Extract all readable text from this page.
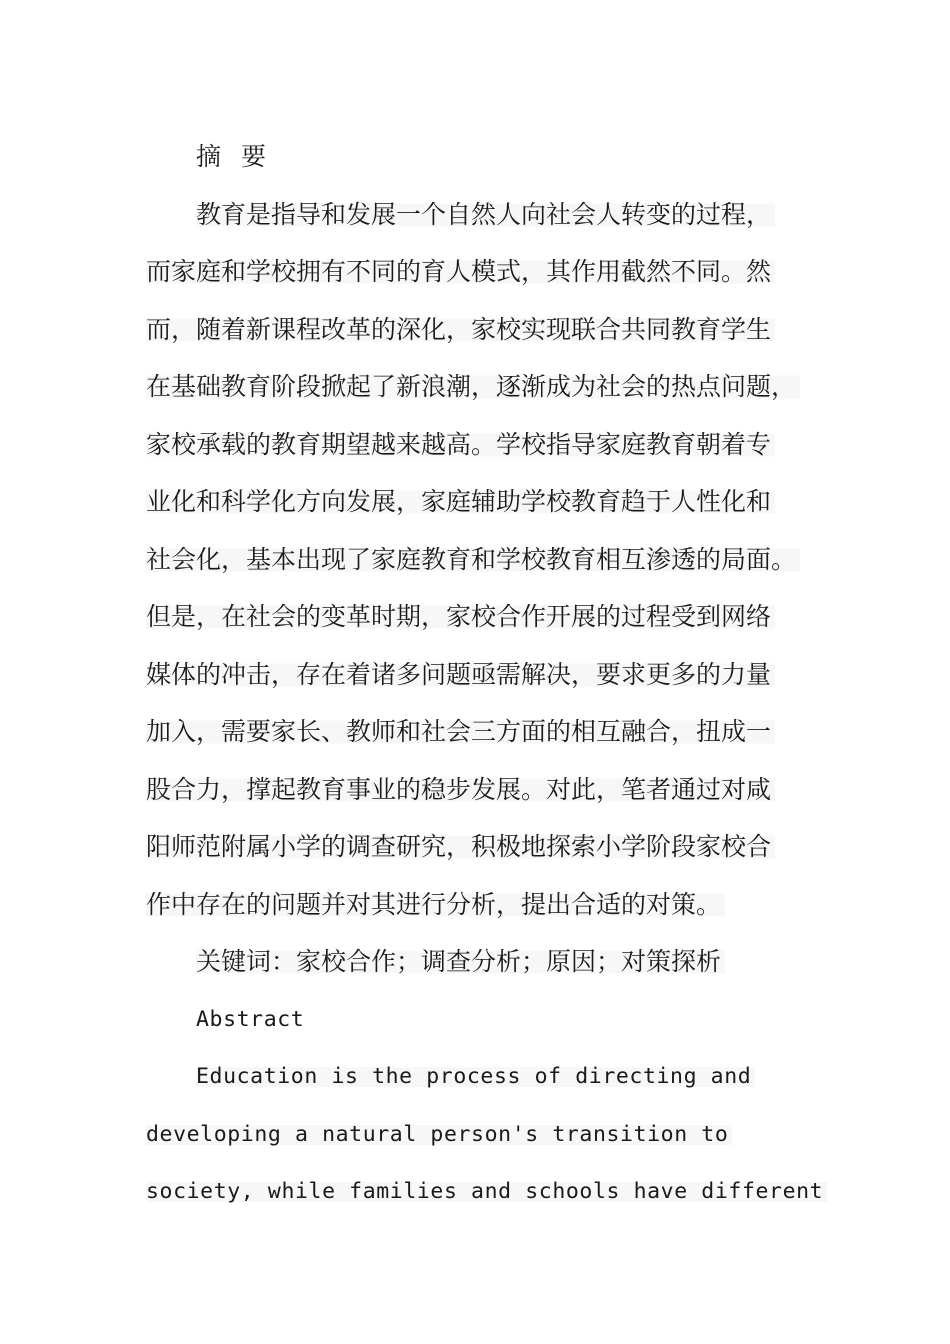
摘 要
教育是指导和发展一个自然人向社会人转变的过程，
而家庭和学校拥有不同的育人模式，其作用截然不同。然
而，随着新课程改革的深化，家校实现联合共同教育学生
在基础教育阶段掀起了新浪潮，逐渐成为社会的热点问题，
家校承载的教育期望越来越高。学校指导家庭教育朝着专
业化和科学化方向发展，家庭辅助学校教育趋于人性化和
社会化，基本出现了家庭教育和学校教育相互渗透的局面。
但是，在社会的变革时期，家校合作开展的过程受到网络
媒体的冲击，存在着诸多问题亟需解决，要求更多的力量
加入，需要家长、教师和社会三方面的相互融合，扭成一
股合力，撑起教育事业的稳步发展。对此，笔者通过对咸
阳师范附属小学的调查研究，积极地探索小学阶段家校合
作中存在的问题并对其进行分析，提出合适的对策。
关键词：家校合作；调查分析；原因；对策探析
Abstract
Education is the process of directing and
developing a natural person's transition to
society, while families and schools have different
